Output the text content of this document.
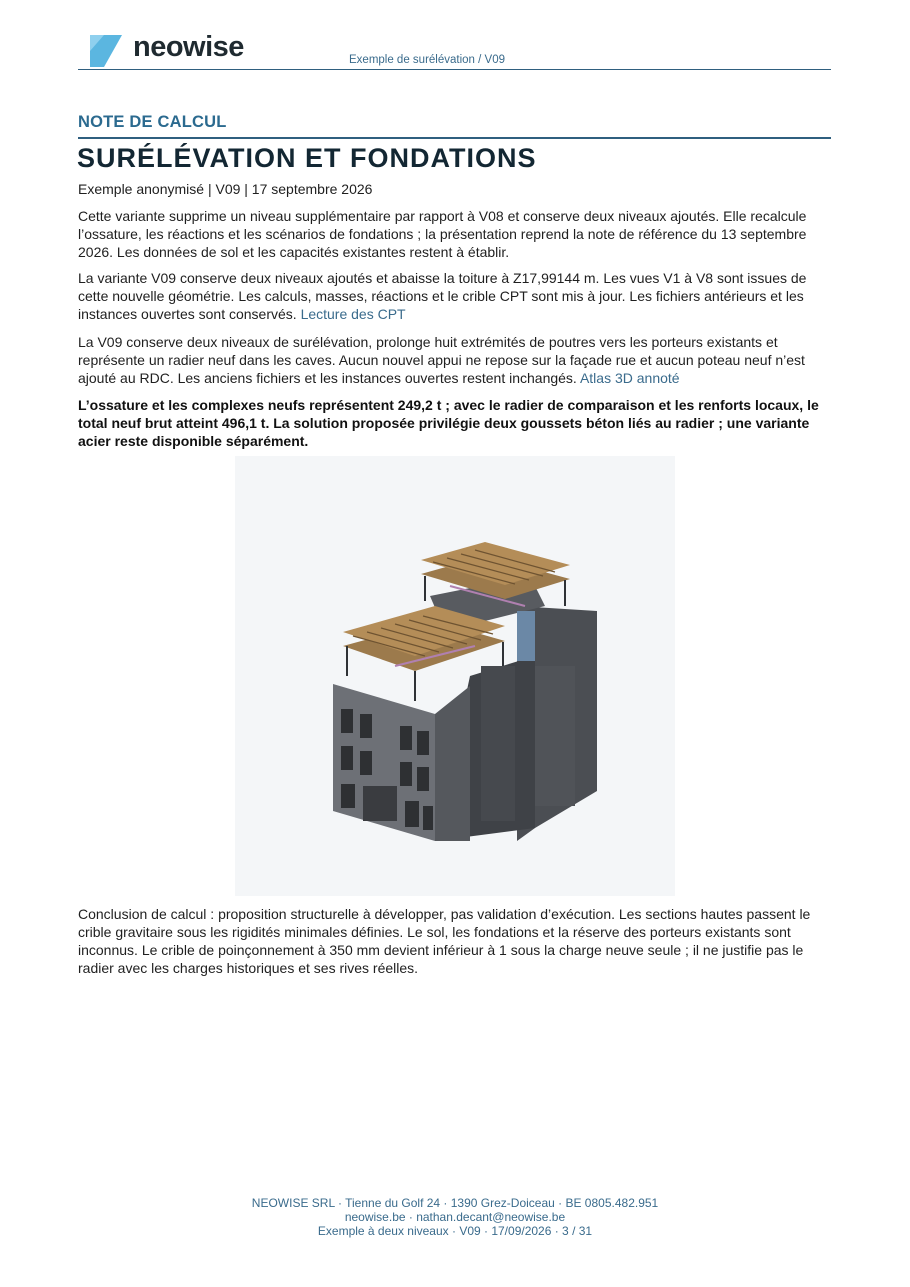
neowise	Exemple de surélévation / V09
NOTE DE CALCUL
SURÉLÉVATION ET FONDATIONS
Exemple anonymisé | V09 | 17 septembre 2026

Cette variante supprime un niveau supplémentaire par rapport à V08 et conserve deux niveaux ajoutés. Elle recalcule l’ossature, les réactions et les scénarios de fondations ; la présentation reprend la note de référence du 13 septembre 2026. Les données de sol et les capacités existantes restent à établir.

La variante V09 conserve deux niveaux ajoutés et abaisse la toiture à Z17,99144 m. Les vues V1 à V8 sont issues de cette nouvelle géométrie. Les calculs, masses, réactions et le crible CPT sont mis à jour. Les fichiers antérieurs et les instances ouvertes sont conservés. Lecture des CPT

La V09 conserve deux niveaux de surélévation, prolonge huit extrémités de poutres vers les porteurs existants et représente un radier neuf dans les caves. Aucun nouvel appui ne repose sur la façade rue et aucun poteau neuf n’est ajouté au RDC. Les anciens fichiers et les instances ouvertes restent inchangés. Atlas 3D annoté

L’ossature et les complexes neufs représentent 249,2 t ; avec le radier de comparaison et les renforts locaux, le total neuf brut atteint 496,1 t. La solution proposée privilégie deux goussets béton liés au radier ; une variante acier reste disponible séparément.

Conclusion de calcul : proposition structurelle à développer, pas validation d’exécution. Les sections hautes passent le crible gravitaire sous les rigidités minimales définies. Le sol, les fondations et la réserve des porteurs existants sont inconnus. Le crible de poinçonnement à 350 mm devient inférieur à 1 sous la charge neuve seule ; il ne justifie pas le radier avec les charges historiques et ses rives réelles.

NEOWISE SRL · Tienne du Golf 24 · 1390 Grez-Doiceau · BE 0805.482.951
neowise.be · nathan.decant@neowise.be
Exemple à deux niveaux · V09 · 17/09/2026 · 3 / 31
